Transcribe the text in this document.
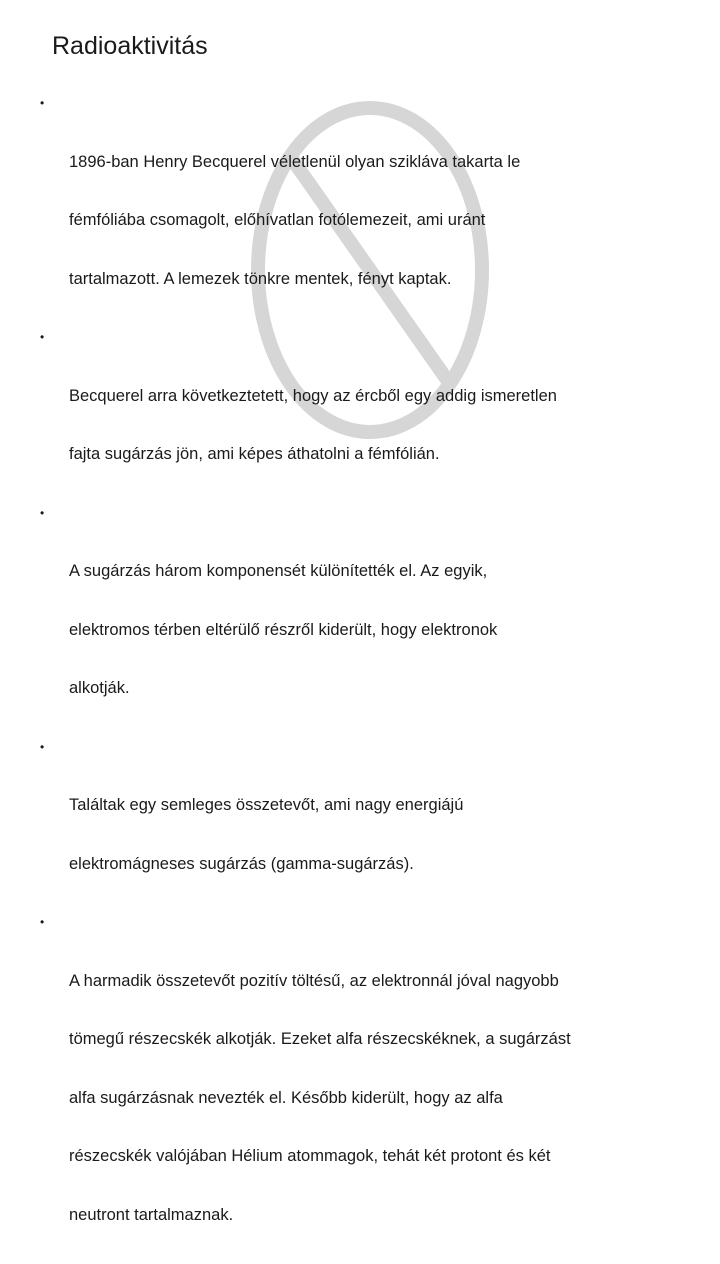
Radioaktivitás

•

1896-ban Henry Becquerel véletlenül olyan szikláva takarta le

fémfóliába csomagolt, előhívatlan fotólemezeit, ami uránt

tartalmazott. A lemezek tönkre mentek, fényt kaptak.

•

Becquerel arra következtetett, hogy az ércből egy addig ismeretlen

fajta sugárzás jön, ami képes áthatolni a fémfólián.

•

A sugárzás három komponensét különítették el. Az egyik,

elektromos térben eltérülő részről kiderült, hogy elektronok

alkotják.

•

Találtak egy semleges összetevőt, ami nagy energiájú

elektromágneses sugárzás (gamma-sugárzás).

•

A harmadik összetevőt pozitív töltésű, az elektronnál jóval nagyobb

tömegű részecskék alkotják. Ezeket alfa részecskéknek, a sugárzást

alfa sugárzásnak nevezték el. Később kiderült, hogy az alfa

részecskék valójában Hélium atommagok, tehát két protont és két

neutront tartalmaznak.
